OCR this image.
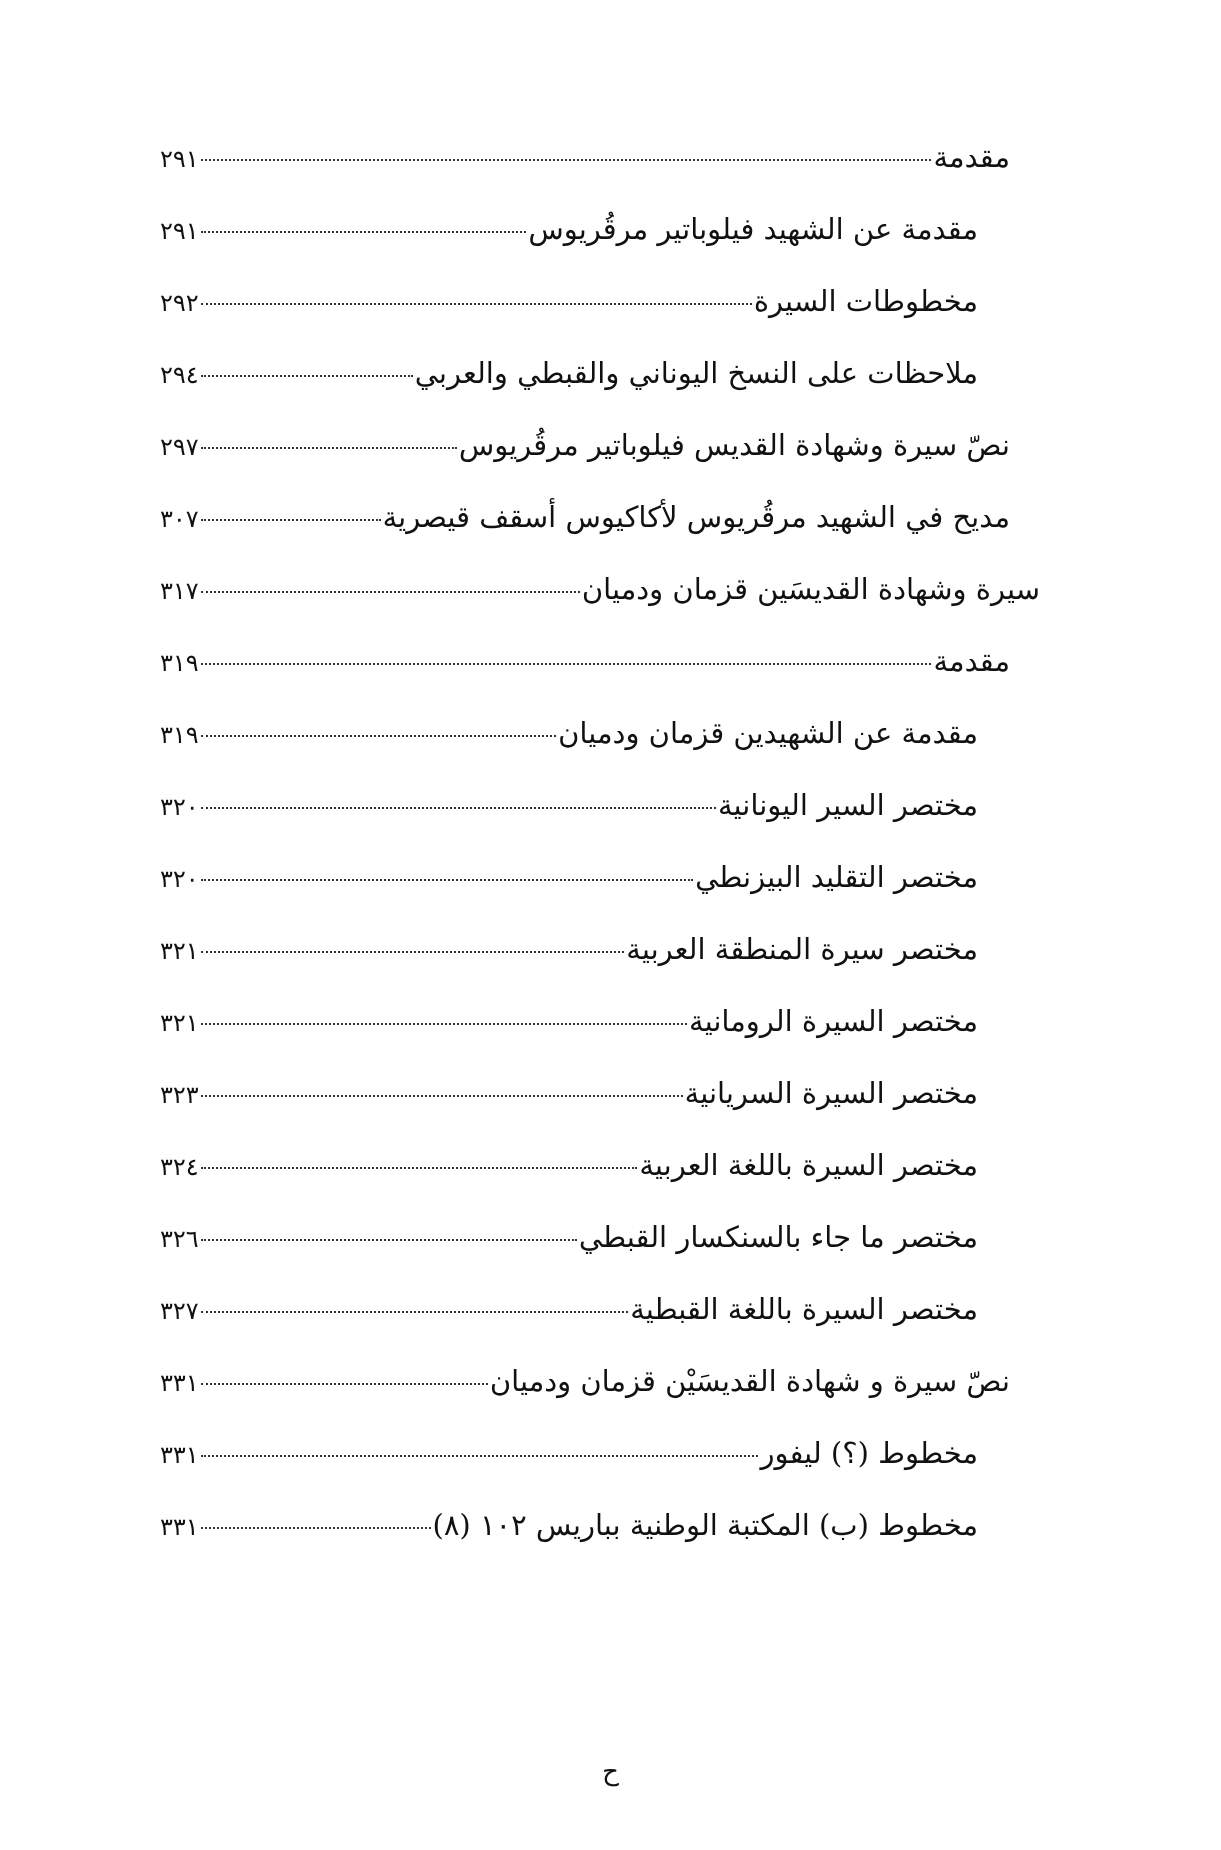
مقدمة
٢٩١
مقدمة عن الشهيد فيلوباتير مرقُريوس
٢٩١
مخطوطات السيرة
٢٩٢
ملاحظات على النسخ اليوناني والقبطي والعربي
٢٩٤
نصّ سيرة وشهادة القديس فيلوباتير مرقُريوس
٢٩٧
مديح في الشهيد مرقُريوس لأكاكيوس أسقف قيصرية
٣٠٧
سيرة وشهادة القديسَين قزمان ودميان
٣١٧
مقدمة
٣١٩
مقدمة عن الشهيدين قزمان ودميان
٣١٩
مختصر السير اليونانية
٣٢٠
مختصر التقليد البيزنطي
٣٢٠
مختصر سيرة المنطقة العربية
٣٢١
مختصر السيرة الرومانية
٣٢١
مختصر السيرة السريانية
٣٢٣
مختصر السيرة باللغة العربية
٣٢٤
مختصر ما جاء بالسنكسار القبطي
٣٢٦
مختصر السيرة باللغة القبطية
٣٢٧
نصّ سيرة و شهادة القديسَيْن قزمان ودميان
٣٣١
مخطوط (؟) ليفور
٣٣١
مخطوط (ب) المكتبة الوطنية بباريس ١٠٢ (٨)
٣٣١
ح
